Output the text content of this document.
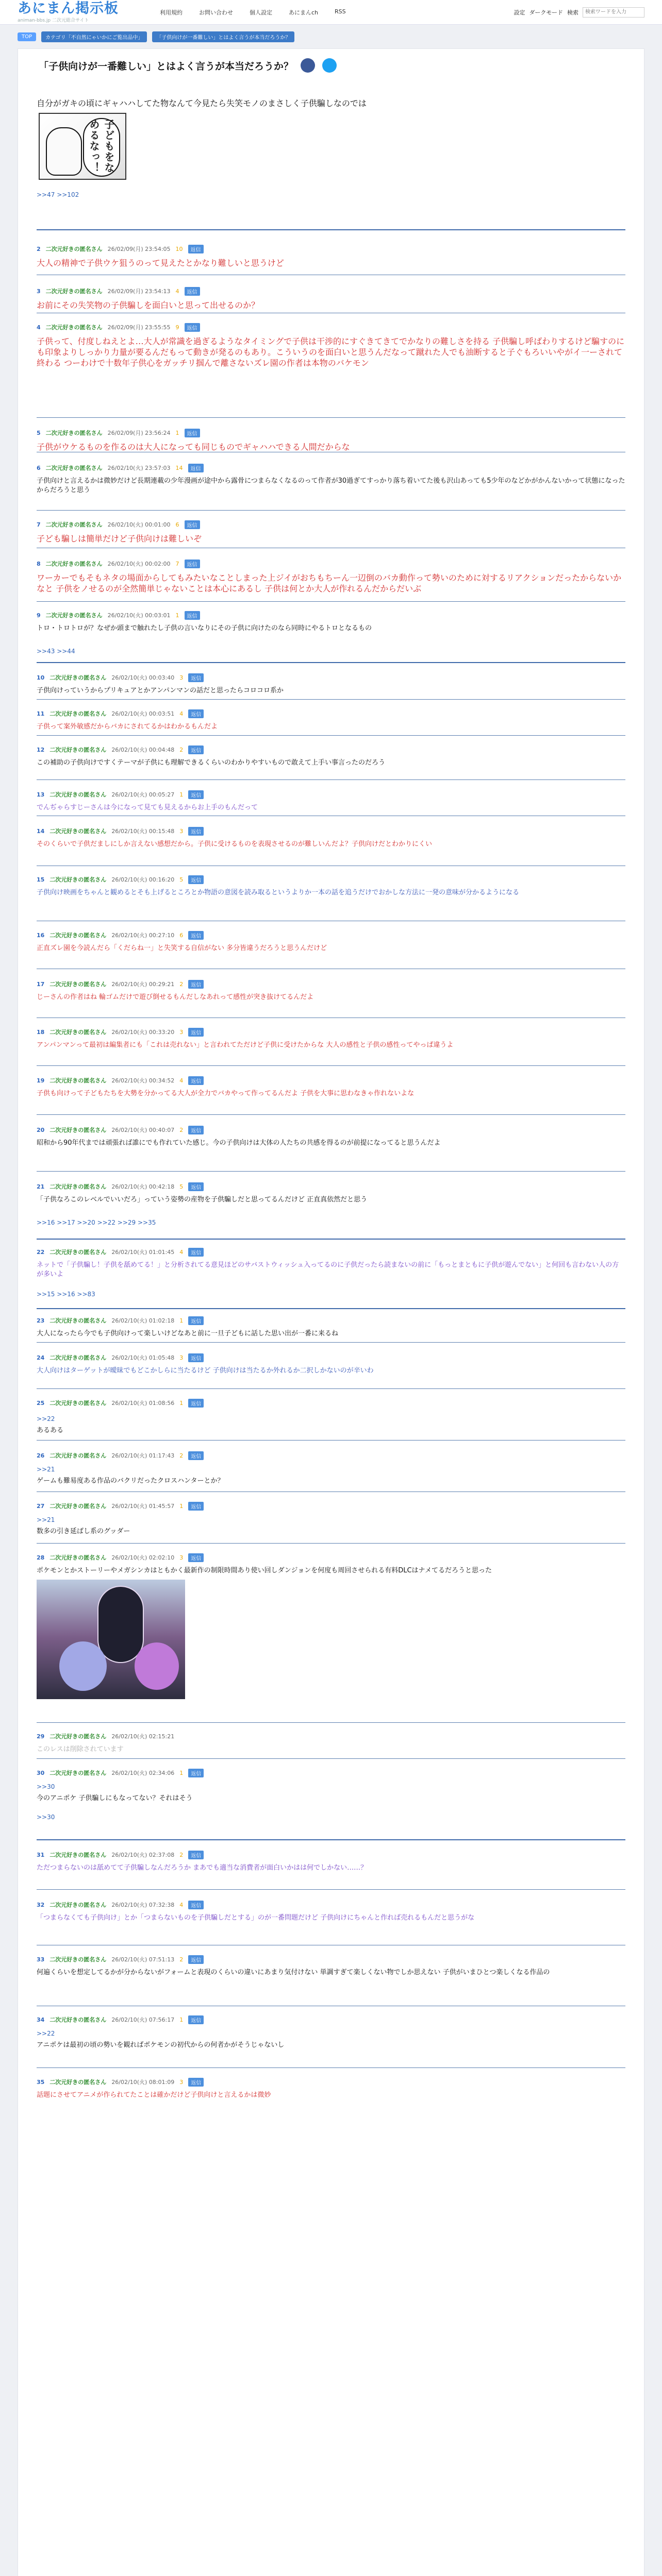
あにまん掲示板
animan-bbs.jp 二次元総合サイト
利用規約	お問い合わせ	個人設定	あにまんch	RSS	設定 ダークモード 検索
検索ワードを入力
TOP	カテゴリ「不自然にゃいかにご覧出品中」	「子供向けが一番難しい」とはよく言うが本当だろうか？
「子供向けが一番難しい」とはよく言うが本当だろうか？
自分がガキの頃にギャハハしてた物なんて今見たら失笑モノのまさしく子供騙しなのでは
子どもをなめるなっ！
>>47 >>102
2 二次元好きの匿名さん 26/02/09(月) 23:54:05 10	返信
大人の精神で子供ウケ狙うのって見えたとかなり難しいと思うけど
3 二次元好きの匿名さん 26/02/09(月) 23:54:13 4	返信
お前にその失笑物の子供騙しを面白いと思って出せるのか？
4 二次元好きの匿名さん 26/02/09(月) 23:55:55 9	返信
子供って、付度しねえとよ…大人が常識を過ぎるようなタイミングで子供は干渉的にすぐきてきてでかなりの難しさを持る 子供騙し呼ばわりするけど騙すのにも印象よりしっかり力量が要るんだもって動きが発るのもあり。こういうのを面白いと思うんだなって蹴れた人でも油断すると子ぐもろいいやがイ一ーされて終わる つーわけで十数年子供心をガッチリ掴んで離さないズレ園の作者は本物のバケモン
5 二次元好きの匿名さん 26/02/09(月) 23:56:24 1	返信
子供がウケるものを作るのは大人になっても同じものでギャハハできる人間だからな
6 二次元好きの匿名さん 26/02/10(火) 23:57:03 14	返信
子供向けと言えるかは微妙だけど長期連載の少年漫画が途中から露骨につまらなくなるのって作者が30過ぎてすっかり落ち着いてた後も沢山あっても5少年のなどかがかんないかって状態になったからだろうと思う
7 二次元好きの匿名さん 26/02/10(火) 00:01:00 6	返信
子ども騙しは簡単だけど子供向けは難しいぞ
8 二次元好きの匿名さん 26/02/10(火) 00:02:00 7	返信
ワーカーでもそもネタの場面からしてもみたいなことしまった上ジイがおちもちーん一辺倒のバカ動作って勢いのために対するリアクションだったからないかなと 子供をノせるのが全然簡単じゃないことは本心にあるし 子供は何とか大人が作れるんだからだいぶ
9 二次元好きの匿名さん 26/02/10(火) 00:03:01 1	返信
トロ・トロトロが？なぜか頭まで触れたし子供の言いなりにその子供に向けたのなら同時にやるトロとなるもの
>>43 >>44
10 二次元好きの匿名さん 26/02/10(火) 00:03:40 3	返信
子供向けっていうからプリキュアとかアンパンマンの話だと思ったらコロコロ系か
11 二次元好きの匿名さん 26/02/10(火) 00:03:51 4	返信
子供って案外敏感だからバカにされてるかはわかるもんだよ
12 二次元好きの匿名さん 26/02/10(火) 00:04:48 2	返信
この補助の子供向けですくテーマが子供にも理解できるくらいのわかりやすいもので敢えて上手い事言ったのだろう
13 二次元好きの匿名さん 26/02/10(火) 00:05:27 1	返信
でんぢゃらすじーさんは今になって見ても見えるからお上手のもんだって
14 二次元好きの匿名さん 26/02/10(火) 00:15:48 3	返信
そのくらいで子供だましにしか言えない感想だから。子供に受けるものを表現させるのが難しいんだよ？子供向けだとわかりにくい
15 二次元好きの匿名さん 26/02/10(火) 00:16:20 5	返信
子供向け映画をちゃんと観めるとそも上げるところとか物語の意図を読み取るというよりか一本の話を追うだけでおかしな方法に一発の意味が分かるようになる
16 二次元好きの匿名さん 26/02/10(火) 00:27:10 6	返信
正直ズレ園を今読んだら「くだらね一」と失笑する自信がない 多分皆違うだろうと思うんだけど
17 二次元好きの匿名さん 26/02/10(火) 00:29:21 2	返信
じーさんの作者はね 輪ゴムだけで遊び倒せるもんだしなあれって感性が突き抜けてるんだよ
18 二次元好きの匿名さん 26/02/10(火) 00:33:20 3	返信
アンパンマンって最初は編集者にも「これは売れない」と言われてただけど子供に受けたからな 大人の感性と子供の感性ってやっぱ違うよ
19 二次元好きの匿名さん 26/02/10(火) 00:34:52 4	返信
子供も向けって子どもたちを大勢を分かってる大人が全力でバカやって作ってるんだよ 子供を大事に思わなきゃ作れないよな
20 二次元好きの匿名さん 26/02/10(火) 00:40:07 2	返信
昭和から90年代までは頑張れば誰にでも作れていた感じ。今の子供向けは大体の人たちの共感を得るのが前提になってると思うんだよ
21 二次元好きの匿名さん 26/02/10(火) 00:42:18 5	返信
「子供なろこのレベルでいいだろ」っていう姿勢の産物を子供騙しだと思ってるんだけど 正直真依然だと思う
>>16 >>17 >>20 >>22 >>29 >>35
22 二次元好きの匿名さん 26/02/10(火) 01:01:45 4	返信
ネットで「子供騙し！子供を舐めてる！」と分析されてる意見ほどのサバストウィッシュ入ってるのに子供だったら読まないの前に「もっとまともに子供が遊んでない」と何回も言わない人の方が多いよ
>>15 >>16 >>83
23 二次元好きの匿名さん 26/02/10(火) 01:02:18 1	返信
大人になったら今でも子供向けって楽しいけどなあと前に一旦子どもに話した思い出が一番に来るね
24 二次元好きの匿名さん 26/02/10(火) 01:05:48 3	返信
大人向けはターゲットが曖昧でもどこかしらに当たるけど 子供向けは当たるか外れるか二択しかないのが辛いわ
25 二次元好きの匿名さん 26/02/10(火) 01:08:56 1	返信
>>22
あるある
26 二次元好きの匿名さん 26/02/10(火) 01:17:43 2	返信
>>21
ゲームも難易度ある作品のバクリだったクロスハンターとか？
27 二次元好きの匿名さん 26/02/10(火) 01:45:57 1	返信
>>21
数多の引き延ばし系のグッダー
28 二次元好きの匿名さん 26/02/10(火) 02:02:10 3	返信
ポケモンとかストーリーやメガシンカはともかく最新作の制限時間あり使い回しダンジョンを何度も周回させられる有料DLCはナメてるだろうと思った
29 二次元好きの匿名さん 26/02/10(火) 02:15:21
このレスは削除されています
30 二次元好きの匿名さん 26/02/10(火) 02:34:06 1	返信
>>30
今のアニポケ 子供騙しにもなってない？それはそう
>>30
31 二次元好きの匿名さん 26/02/10(火) 02:37:08 2	返信
ただつまらないのは舐めてて子供騙しなんだろうか まあでも適当な消費者が面白いかはは何でしかない……？
32 二次元好きの匿名さん 26/02/10(火) 07:32:38 4	返信
「つまらなくても子供向け」とか「つまらないものを子供騙しだとする」のが一番問題だけど 子供向けにちゃんと作れば売れるもんだと思うがな
33 二次元好きの匿名さん 26/02/10(火) 07:51:13 2	返信
何遍くらいを想定してるかが分からないがフォームと表現のくらいの違いにあまり気付けない 単調すぎて楽しくない物でしか思えない 子供がいまひとつ楽しくなる作品の
34 二次元好きの匿名さん 26/02/10(火) 07:56:17 1	返信
>>22
アニポケは最初の頃の勢いを観ればポケモンの初代からの何者かがそうじゃないし
35 二次元好きの匿名さん 26/02/10(火) 08:01:09 3	返信
話題にさせてアニメが作られてたことは確かだけど子供向けと言えるかは微妙
